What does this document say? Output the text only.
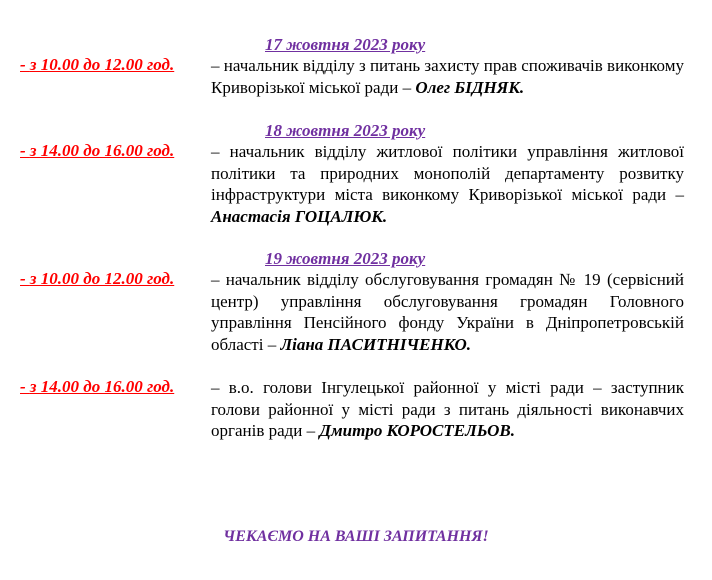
17 жовтня 2023 року
- з 10.00 до 12.00 год. – начальник відділу з питань захисту прав споживачів виконкому Криворізької міської ради – Олег БІДНЯК.
18 жовтня 2023 року
- з 14.00 до 16.00 год. – начальник відділу житлової політики управління житлової політики та природних монополій департаменту розвитку інфраструктури міста виконкому Криворізької міської ради – Анастасія ГОЦАЛЮК.
19 жовтня 2023 року
- з 10.00 до 12.00 год. – начальник відділу обслуговування громадян № 19 (сервісний центр) управління обслуговування громадян Головного управління Пенсійного фонду України в Дніпропетровській області – Ліана ПАСИТНІЧЕНКО.
- з 14.00 до 16.00 год. – в.о. голови Інгулецької районної у місті ради – заступник голови районної у місті ради з питань діяльності виконавчих органів ради – Дмитро КОРОСТЕЛЬОВ.
ЧЕКАЄМО НА ВАШІ ЗАПИТАННЯ!
